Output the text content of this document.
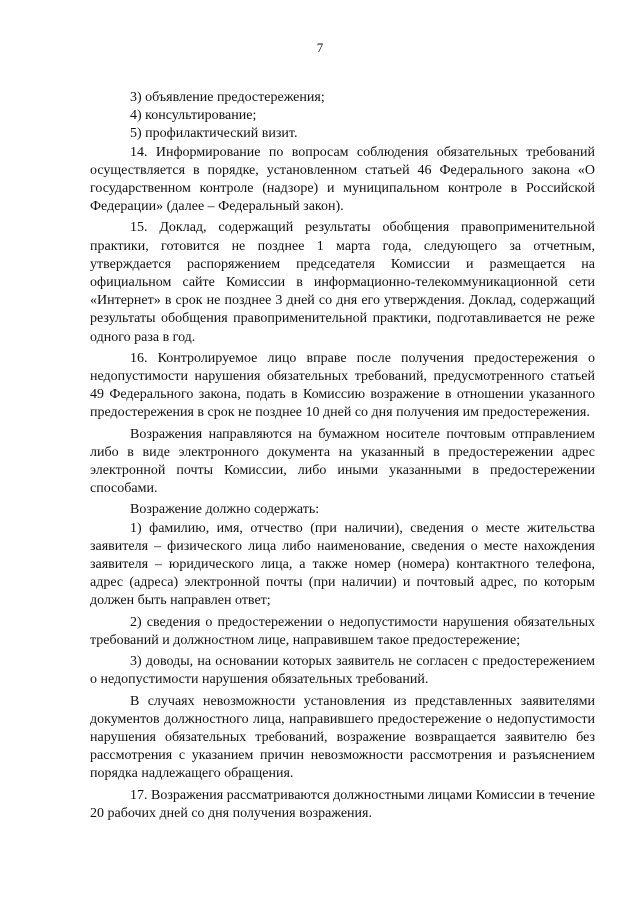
7

3) объявление предостережения;

4) консультирование;

5) профилактический визит.

14. Информирование по вопросам соблюдения обязательных требований осуществляется в порядке, установленном статьей 46 Федерального закона «О государственном контроле (надзоре) и муниципальном контроле в Российской Федерации» (далее – Федеральный закон).

15. Доклад, содержащий результаты обобщения правоприменительной практики, готовится не позднее 1 марта года, следующего за отчетным, утверждается распоряжением председателя Комиссии и размещается на официальном сайте Комиссии в информационно-телекоммуникационной сети «Интернет» в срок не позднее 3 дней со дня его утверждения. Доклад, содержащий результаты обобщения правоприменительной практики, подготавливается не реже одного раза в год.

16. Контролируемое лицо вправе после получения предостережения о недопустимости нарушения обязательных требований, предусмотренного статьей 49 Федерального закона, подать в Комиссию возражение в отношении указанного предостережения в срок не позднее 10 дней со дня получения им предостережения.

Возражения направляются на бумажном носителе почтовым отправлением либо в виде электронного документа на указанный в предостережении адрес электронной почты Комиссии, либо иными указанными в предостережении способами.

Возражение должно содержать:

1) фамилию, имя, отчество (при наличии), сведения о месте жительства заявителя – физического лица либо наименование, сведения о месте нахождения заявителя – юридического лица, а также номер (номера) контактного телефона, адрес (адреса) электронной почты (при наличии) и почтовый адрес, по которым должен быть направлен ответ;

2) сведения о предостережении о недопустимости нарушения обязательных требований и должностном лице, направившем такое предостережение;

3) доводы, на основании которых заявитель не согласен с предостережением о недопустимости нарушения обязательных требований.

В случаях невозможности установления из представленных заявителями документов должностного лица, направившего предостережение о недопустимости нарушения обязательных требований, возражение возвращается заявителю без рассмотрения с указанием причин невозможности рассмотрения и разъяснением порядка надлежащего обращения.

17. Возражения рассматриваются должностными лицами Комиссии в течение 20 рабочих дней со дня получения возражения.
